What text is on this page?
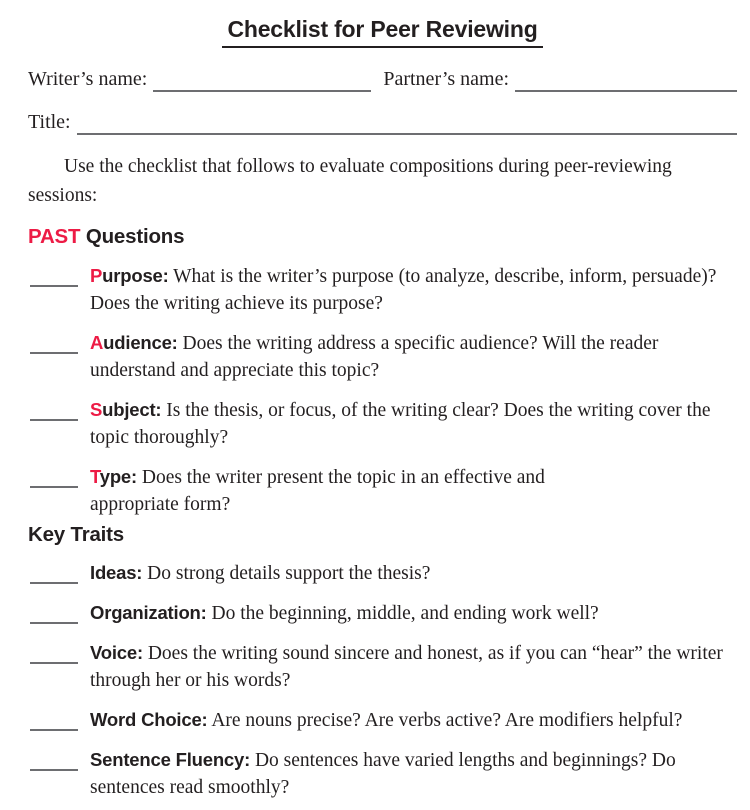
Checklist for Peer Reviewing
Writer’s name:	Partner’s name:
Title:

Use the checklist that follows to evaluate compositions during peer-reviewing sessions:

PAST Questions

Purpose: What is the writer’s purpose (to analyze, describe, inform, persuade)? Does the writing achieve its purpose?

Audience: Does the writing address a specific audience? Will the reader understand and appreciate this topic?

Subject: Is the thesis, or focus, of the writing clear? Does the writing cover the topic thoroughly?

Type: Does the writer present the topic in an effective and appropriate form?

Key Traits

Ideas: Do strong details support the thesis?

Organization: Do the beginning, middle, and ending work well?

Voice: Does the writing sound sincere and honest, as if you can “hear” the writer through her or his words?

Word Choice: Are nouns precise? Are verbs active? Are modifiers helpful?

Sentence Fluency: Do sentences have varied lengths and beginnings? Do sentences read smoothly?
